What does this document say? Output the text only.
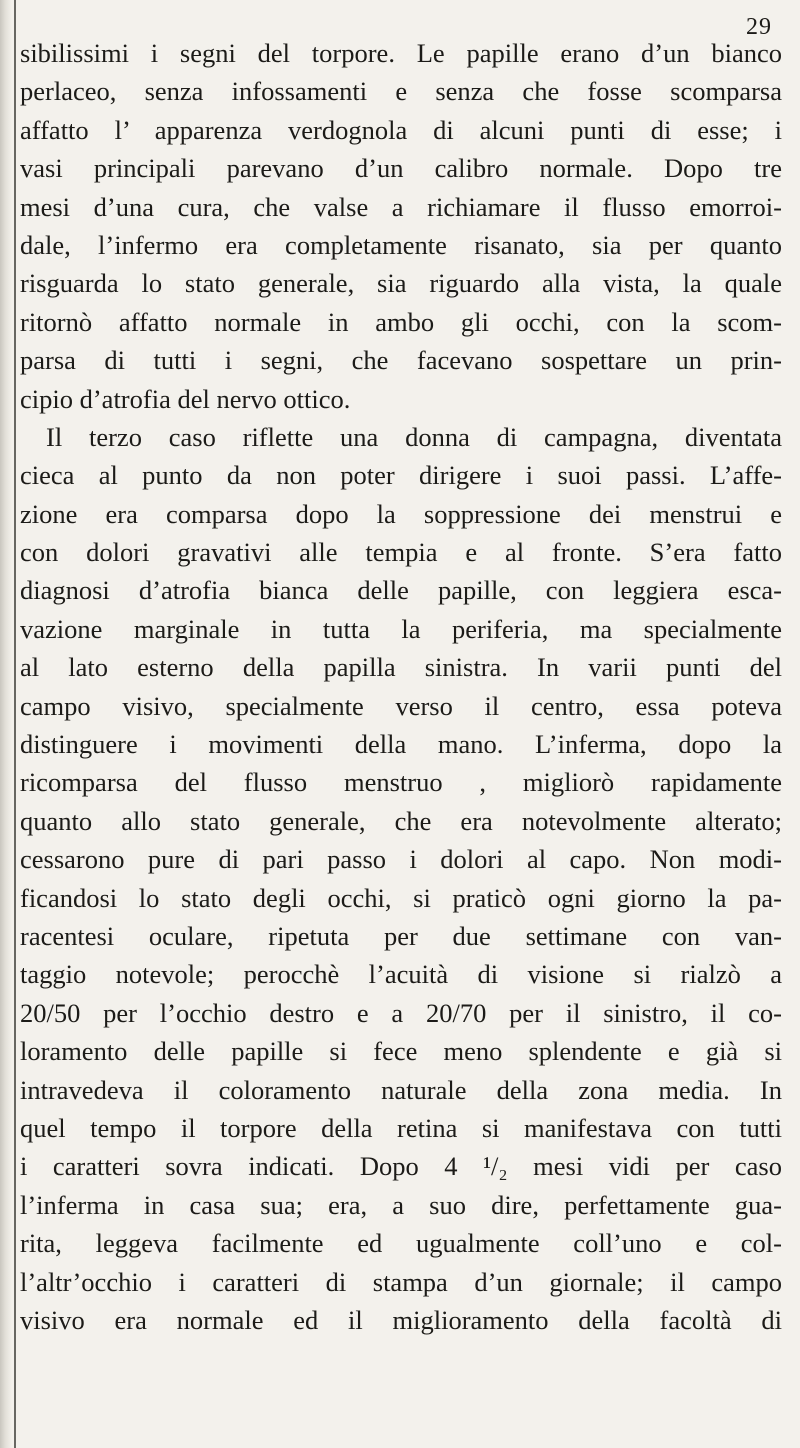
29

sibilissimi i segni del torpore. Le papille erano d’un bianco
perlaceo, senza infossamenti e senza che fosse scomparsa
affatto l’ apparenza verdognola di alcuni punti di esse; i
vasi principali parevano d’un calibro normale. Dopo tre
mesi d’una cura, che valse a richiamare il flusso emorroi-
dale, l’infermo era completamente risanato, sia per quanto
risguarda lo stato generale, sia riguardo alla vista, la quale
ritornò affatto normale in ambo gli occhi, con la scom-
parsa di tutti i segni, che facevano sospettare un prin-
cipio d’atrofia del nervo ottico.
Il terzo caso riflette una donna di campagna, diventata
cieca al punto da non poter dirigere i suoi passi. L’affe-
zione era comparsa dopo la soppressione dei menstrui e
con dolori gravativi alle tempia e al fronte. S’era fatto
diagnosi d’atrofia bianca delle papille, con leggiera esca-
vazione marginale in tutta la periferia, ma specialmente
al lato esterno della papilla sinistra. In varii punti del
campo visivo, specialmente verso il centro, essa poteva
distinguere i movimenti della mano. L’inferma, dopo la
ricomparsa del flusso menstruo , migliorò rapidamente
quanto allo stato generale, che era notevolmente alterato;
cessarono pure di pari passo i dolori al capo. Non modi-
ficandosi lo stato degli occhi, si praticò ogni giorno la pa-
racentesi oculare, ripetuta per due settimane con van-
taggio notevole; perocchè l’acuità di visione si rialzò a
20/50 per l’occhio destro e a 20/70 per il sinistro, il co-
loramento delle papille si fece meno splendente e già si
intravedeva il coloramento naturale della zona media. In
quel tempo il torpore della retina si manifestava con tutti
i caratteri sovra indicati. Dopo 4 ¹/₂ mesi vidi per caso
l’inferma in casa sua; era, a suo dire, perfettamente gua-
rita, leggeva facilmente ed ugualmente coll’uno e col-
l’altr’occhio i caratteri di stampa d’un giornale; il campo
visivo era normale ed il miglioramento della facoltà di
